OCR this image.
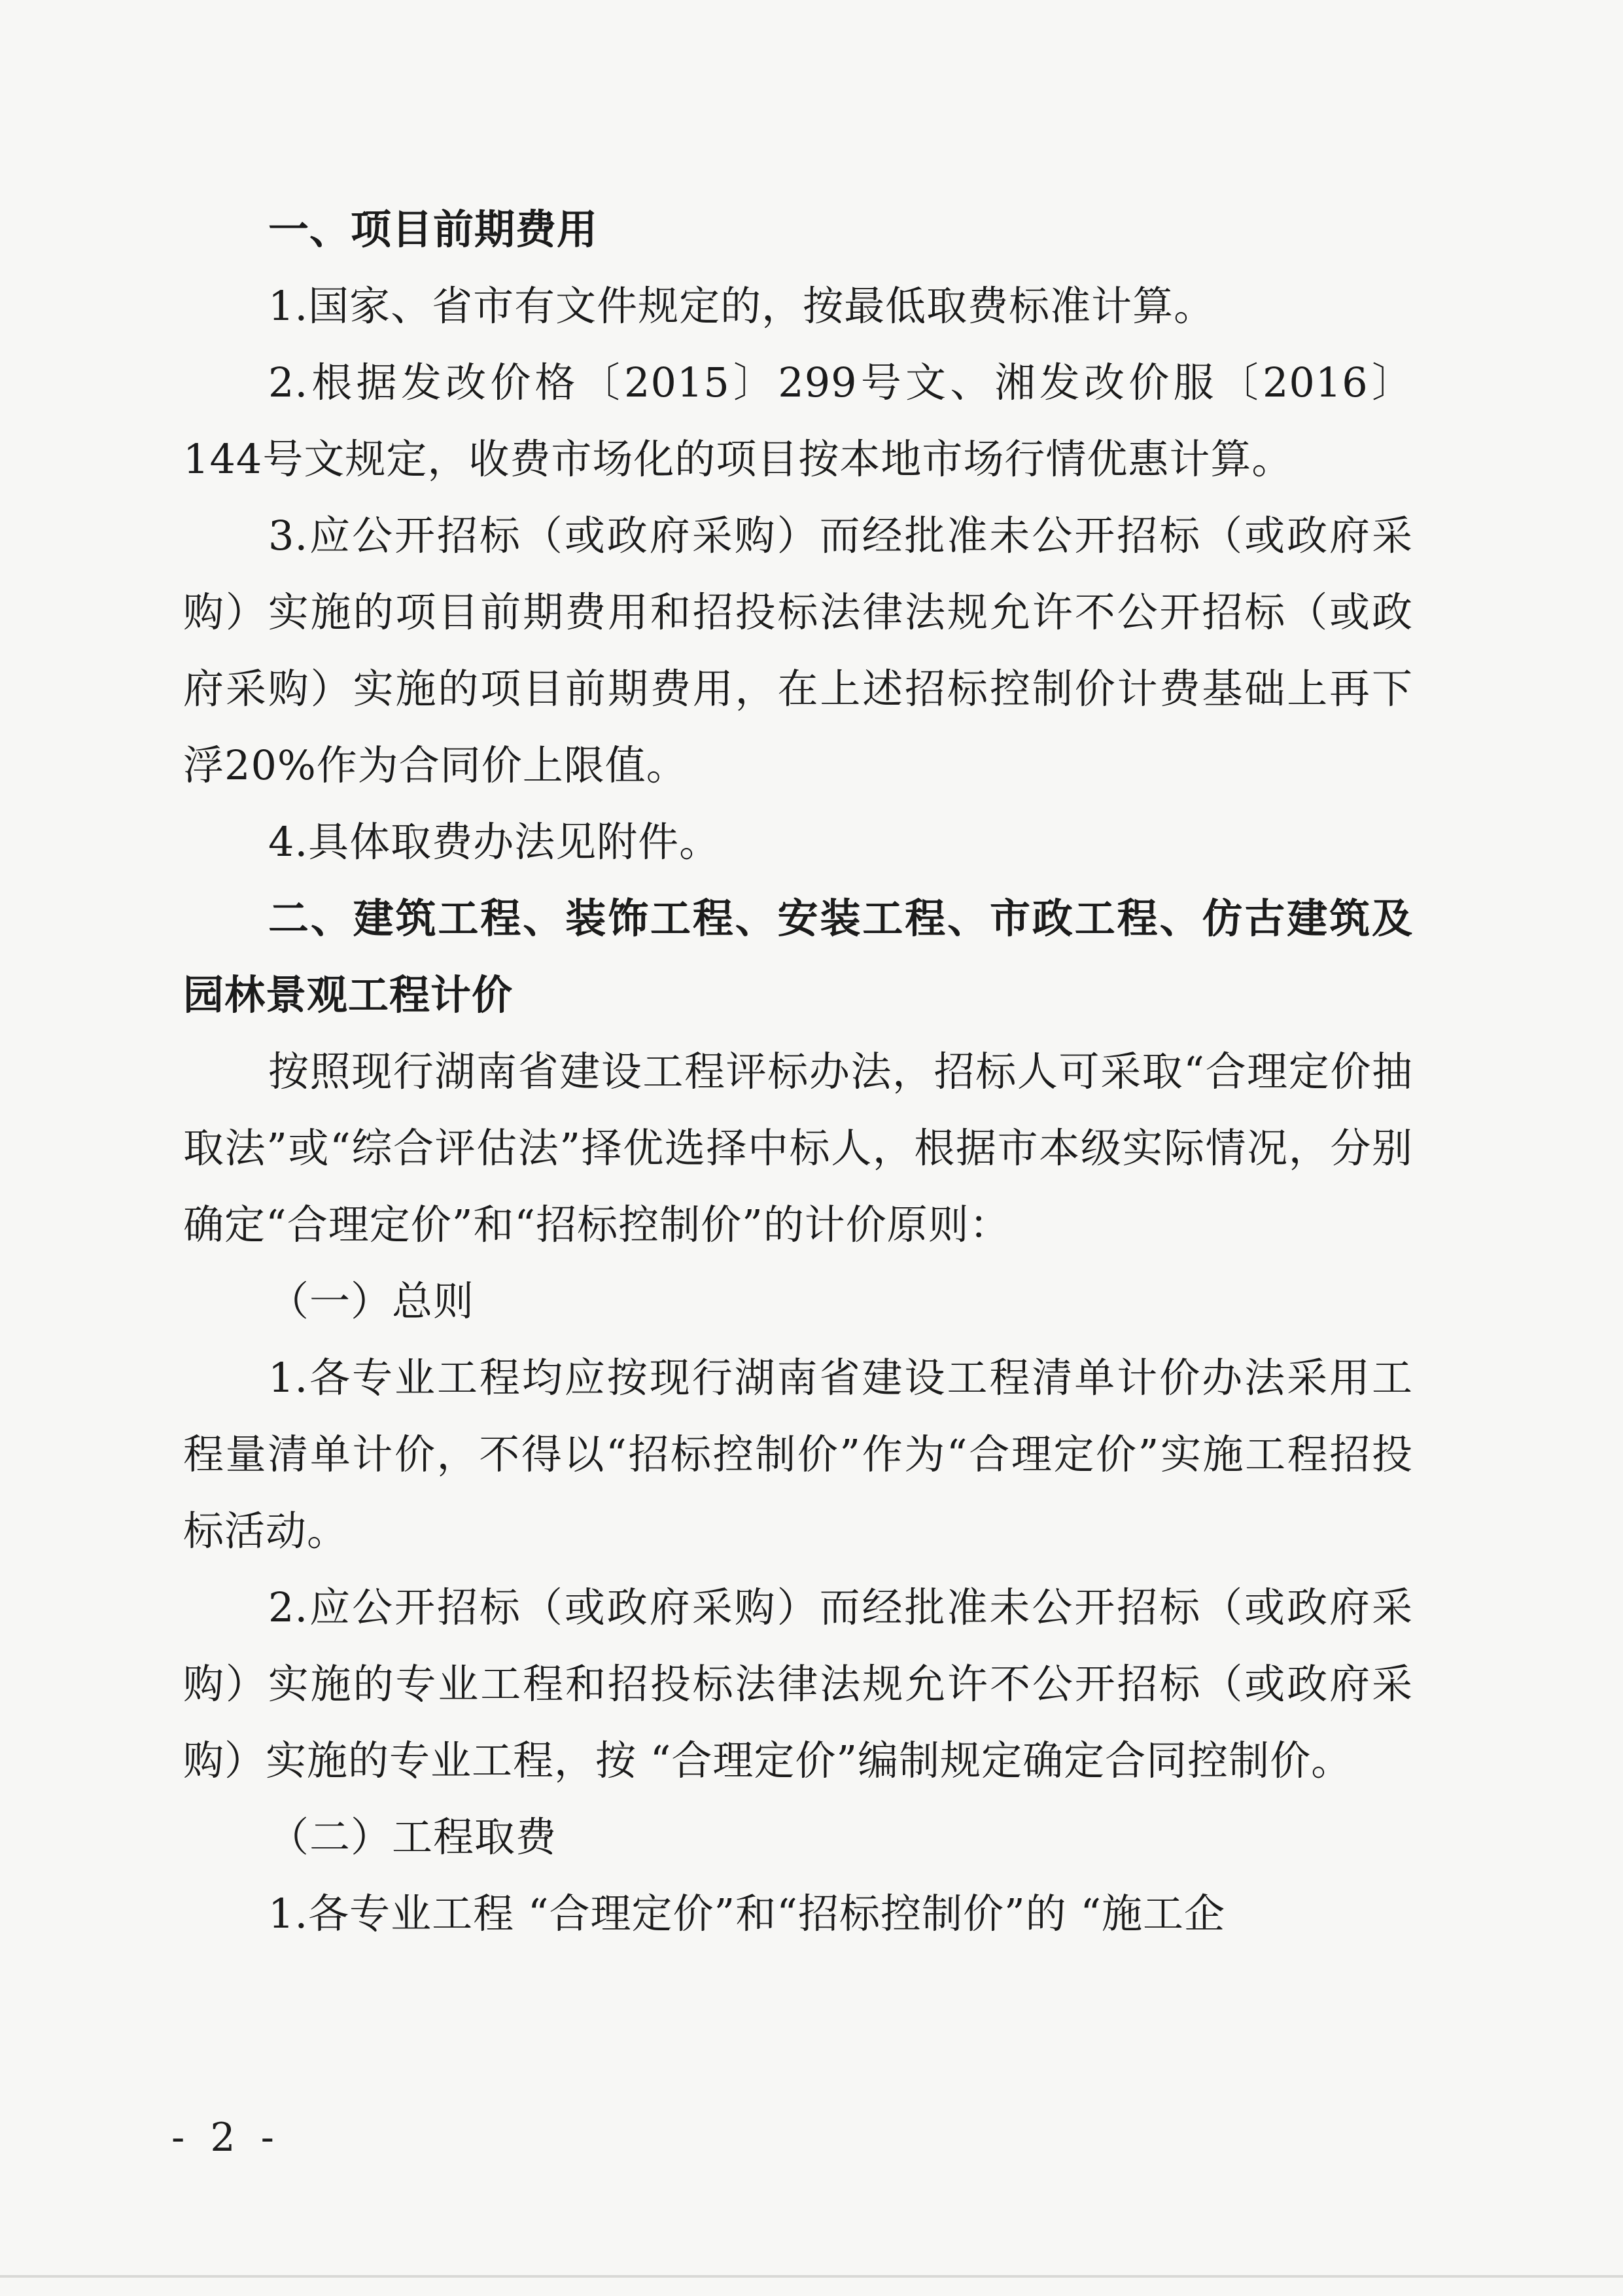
一、项目前期费用

1.国家、省市有文件规定的，按最低取费标准计算。

2.根据发改价格〔2015〕299号文、湘发改价服〔2016〕144号文规定，收费市场化的项目按本地市场行情优惠计算。

3.应公开招标（或政府采购）而经批准未公开招标（或政府采购）实施的项目前期费用和招投标法律法规允许不公开招标（或政府采购）实施的项目前期费用，在上述招标控制价计费基础上再下浮20%作为合同价上限值。

4.具体取费办法见附件。

二、建筑工程、装饰工程、安装工程、市政工程、仿古建筑及园林景观工程计价

按照现行湖南省建设工程评标办法，招标人可采取“合理定价抽取法”或“综合评估法”择优选择中标人，根据市本级实际情况，分别确定“合理定价”和“招标控制价”的计价原则：

（一）总则

1.各专业工程均应按现行湖南省建设工程清单计价办法采用工程量清单计价，不得以“招标控制价”作为“合理定价”实施工程招投标活动。

2.应公开招标（或政府采购）而经批准未公开招标（或政府采购）实施的专业工程和招投标法律法规允许不公开招标（或政府采购）实施的专业工程，按 “合理定价”编制规定确定合同控制价。

（二）工程取费

1.各专业工程 “合理定价”和“招标控制价”的 “施工企

- 2 -
